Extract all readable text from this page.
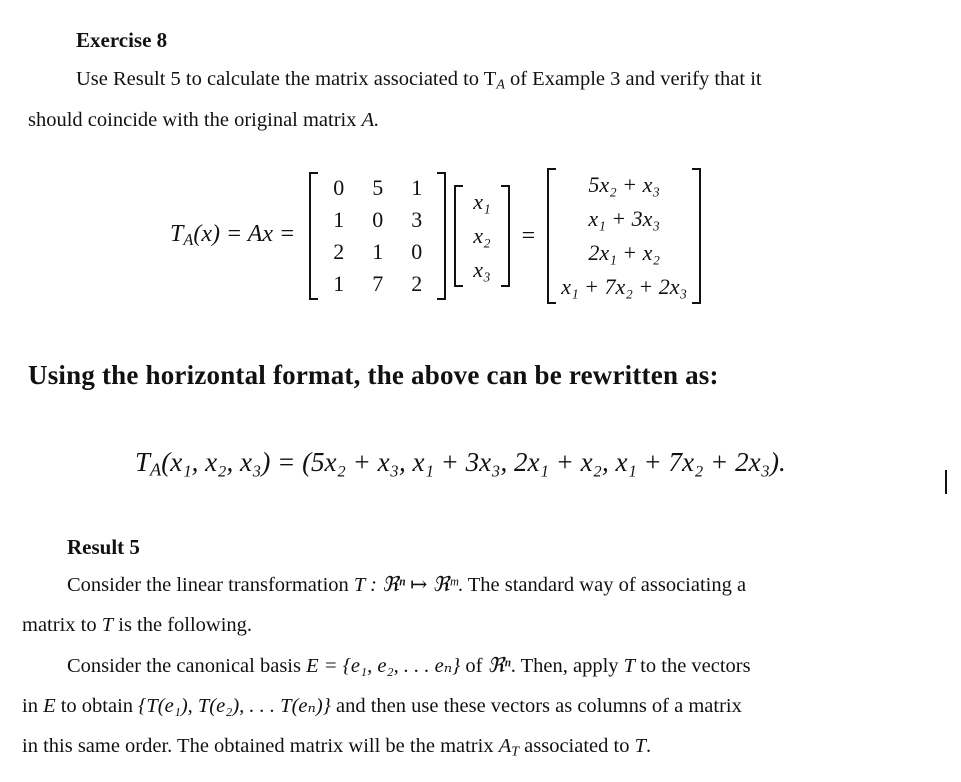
Exercise 8
Use Result 5 to calculate the matrix associated to $T_A$ of Example 3 and verify that it
should coincide with the original matrix A.
$T_A(x) = Ax$ =
0	5	1
1	0	3
2	1	0
1	7	2
x₁
x₂
x₃
=
5x₂ + x₃
x₁ + 3x₃
2x₁ + x₂
x₁ + 7x₂ + 2x₃
Using the horizontal format, the above can be rewritten as:
$T_A(x_1$, x₂, x₃) = (5x₂ + x₃, x₁ + 3x₃, 2x₁ + x₂, x₁ + 7x₂ + 2x₃).
Result 5
Consider the linear transformation T : ℜⁿ ↦ ℜᵐ. The standard way of associating a
matrix to T is the following.
Consider the canonical basis E = {e₁, e₂, . . . eₙ} of ℜⁿ. Then, apply T to the vectors
in E to obtain {T(e₁), T(e₂), . . . T(eₙ)} and then use these vectors as columns of a matrix
in this same order. The obtained matrix will be the matrix $A_T$ associated to T.
